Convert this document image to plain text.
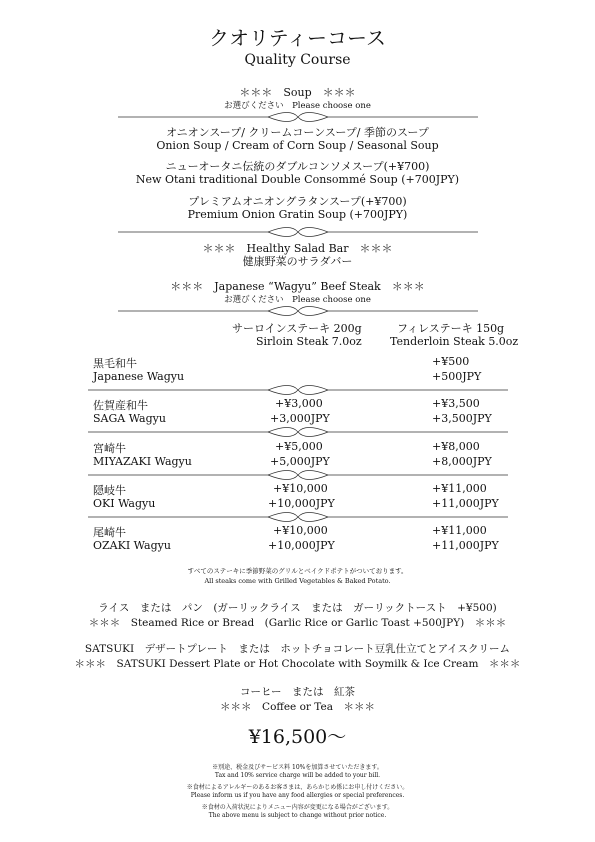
クオリティーコース
Quality Course
＊＊＊　Soup　＊＊＊
お選びください　Please choose one
オニオンスープ/ クリームコーンスープ/ 季節のスープ
Onion Soup / Cream of Corn Soup / Seasonal Soup
ニューオータニ伝統のダブルコンソメスープ(+¥700)
New Otani traditional Double Consommé Soup (+700JPY)
プレミアムオニオングラタンスープ(+¥700)
Premium Onion Gratin Soup (+700JPY)
＊＊＊　Healthy Salad Bar　＊＊＊
健康野菜のサラダバー
＊＊＊　Japanese “Wagyu” Beef Steak　＊＊＊
お選びください　Please choose one
サーロインステーキ 200g
Sirloin Steak 7.0oz
フィレステーキ 150g
Tenderloin Steak 5.0oz
黒毛和牛
Japanese Wagyu
+¥500
+500JPY
佐賀産和牛
SAGA Wagyu
+¥3,000
+3,000JPY
+¥3,500
+3,500JPY
宮崎牛
MIYAZAKI Wagyu
+¥5,000
+5,000JPY
+¥8,000
+8,000JPY
隠岐牛
OKI Wagyu
+¥10,000
+10,000JPY
+¥11,000
+11,000JPY
尾崎牛
OZAKI Wagyu
+¥10,000
+10,000JPY
+¥11,000
+11,000JPY
すべてのステーキに季節野菜のグリルとベイクドポテトがついております。
All steaks come with Grilled Vegetables & Baked Potato.
ライス　または　パン　(ガーリックライス　または　ガーリックトースト　+¥500)
＊＊＊　Steamed Rice or Bread　(Garlic Rice or Garlic Toast +500JPY)　＊＊＊
SATSUKI　デザートプレート　または　ホットチョコレート豆乳仕立てとアイスクリーム
＊＊＊　SATSUKI Dessert Plate or Hot Chocolate with Soymilk & Ice Cream　＊＊＊
コーヒー　または　紅茶
＊＊＊　Coffee or Tea　＊＊＊
¥16,500～
※別途、税金及びサービス料 10%を加算させていただきます。
Tax and 10% service charge will be added to your bill.
※食材によるアレルギーのあるお客さまは、あらかじめ係にお申し付けください。
Please inform us if you have any food allergies or special preferences.
※食材の入荷状況によりメニュー内容が変更になる場合がございます。
The above menu is subject to change without prior notice.
